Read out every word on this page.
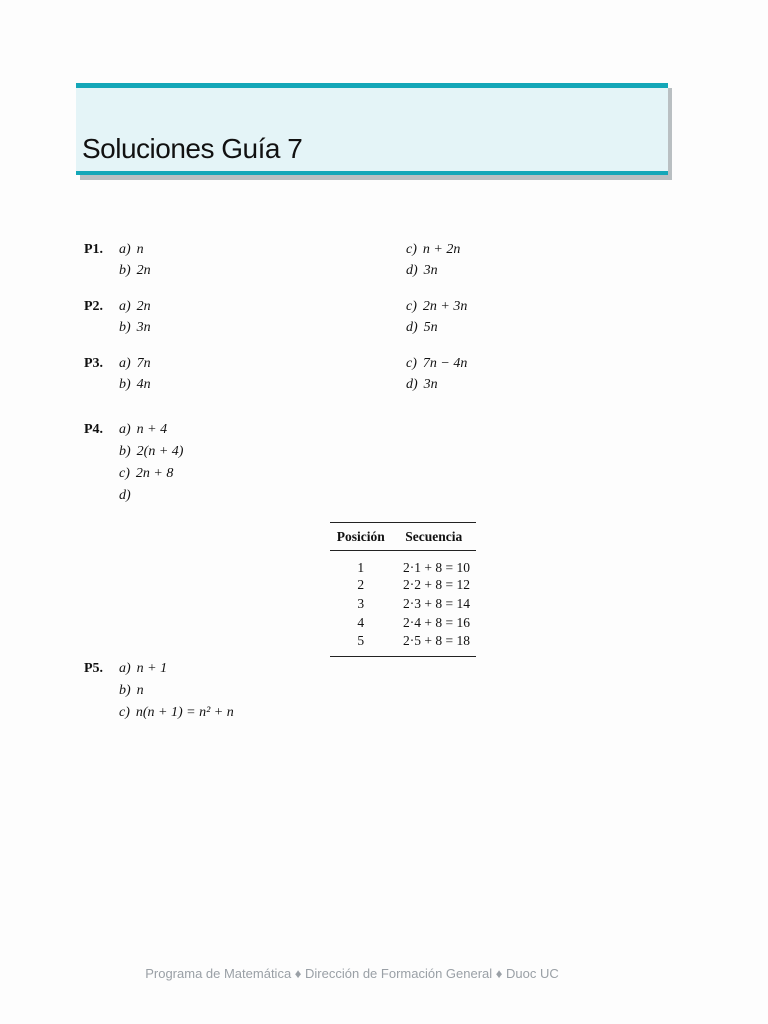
Soluciones Guía 7
P1. a) n
b) 2n
c) n + 2n
d) 3n
P2. a) 2n
b) 3n
c) 2n + 3n
d) 5n
P3. a) 7n
b) 4n
c) 7n − 4n
d) 3n
P4. a) n + 4
b) 2(n + 4)
c) 2n + 8
d)
Posición	Secuencia
1	2·1 + 8 = 10
2	2·2 + 8 = 12
3	2·3 + 8 = 14
4	2·4 + 8 = 16
5	2·5 + 8 = 18
P5. a) n + 1
b) n
c) n(n + 1) = n² + n
Programa de Matemática ♦ Dirección de Formación General ♦ Duoc UC
